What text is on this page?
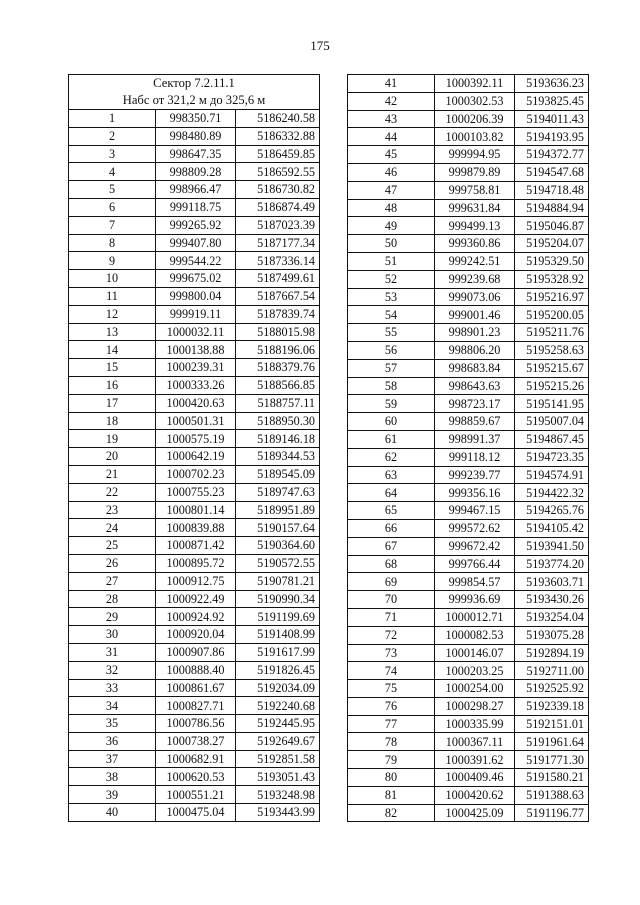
175
Сектор 7.2.11.1
Набс от 321,2 м до 325,6 м		

1	998350.71	5186240.58
2	998480.89	5186332.88
3	998647.35	5186459.85
4	998809.28	5186592.55
5	998966.47	5186730.82
6	999118.75	5186874.49
7	999265.92	5187023.39
8	999407.80	5187177.34
9	999544.22	5187336.14
10	999675.02	5187499.61
11	999800.04	5187667.54
12	999919.11	5187839.74
13	1000032.11	5188015.98
14	1000138.88	5188196.06
15	1000239.31	5188379.76
16	1000333.26	5188566.85
17	1000420.63	5188757.11
18	1000501.31	5188950.30
19	1000575.19	5189146.18
20	1000642.19	5189344.53
21	1000702.23	5189545.09
22	1000755.23	5189747.63
23	1000801.14	5189951.89
24	1000839.88	5190157.64
25	1000871.42	5190364.60
26	1000895.72	5190572.55
27	1000912.75	5190781.21
28	1000922.49	5190990.34
29	1000924.92	5191199.69
30	1000920.04	5191408.99
31	1000907.86	5191617.99
32	1000888.40	5191826.45
33	1000861.67	5192034.09
34	1000827.71	5192240.68
35	1000786.56	5192445.95
36	1000738.27	5192649.67
37	1000682.91	5192851.58
38	1000620.53	5193051.43
39	1000551.21	5193248.98
40	1000475.04	5193443.99
41	1000392.11	5193636.23
42	1000302.53	5193825.45
43	1000206.39	5194011.43
44	1000103.82	5194193.95
45	999994.95	5194372.77
46	999879.89	5194547.68
47	999758.81	5194718.48
48	999631.84	5194884.94
49	999499.13	5195046.87
50	999360.86	5195204.07
51	999242.51	5195329.50
52	999239.68	5195328.92
53	999073.06	5195216.97
54	999001.46	5195200.05
55	998901.23	5195211.76
56	998806.20	5195258.63
57	998683.84	5195215.67
58	998643.63	5195215.26
59	998723.17	5195141.95
60	998859.67	5195007.04
61	998991.37	5194867.45
62	999118.12	5194723.35
63	999239.77	5194574.91
64	999356.16	5194422.32
65	999467.15	5194265.76
66	999572.62	5194105.42
67	999672.42	5193941.50
68	999766.44	5193774.20
69	999854.57	5193603.71
70	999936.69	5193430.26
71	1000012.71	5193254.04
72	1000082.53	5193075.28
73	1000146.07	5192894.19
74	1000203.25	5192711.00
75	1000254.00	5192525.92
76	1000298.27	5192339.18
77	1000335.99	5192151.01
78	1000367.11	5191961.64
79	1000391.62	5191771.30
80	1000409.46	5191580.21
81	1000420.62	5191388.63
82	1000425.09	5191196.77
